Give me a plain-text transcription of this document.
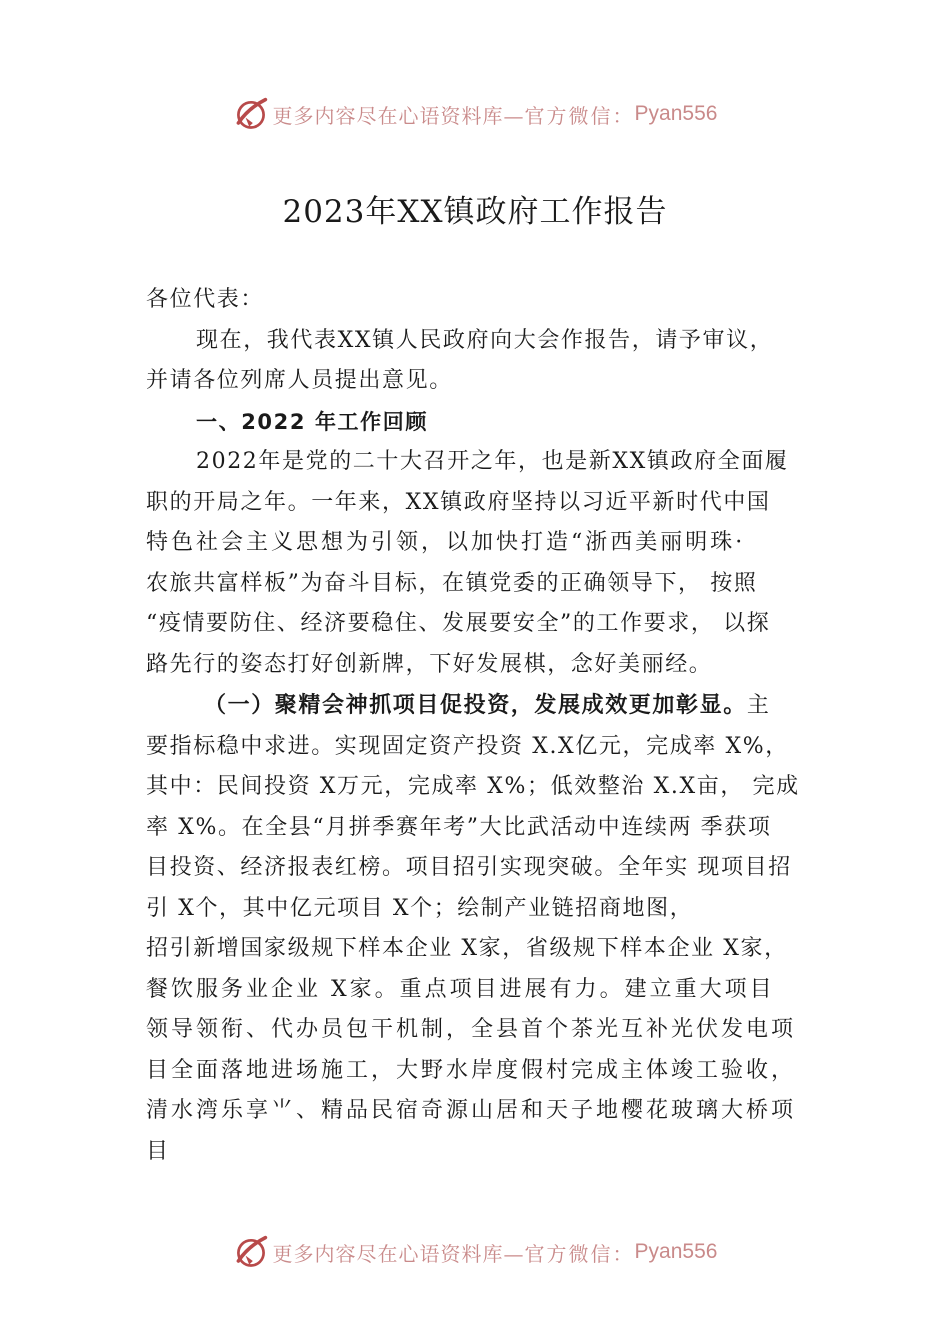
更多内容尽在心语资料库— 官方微信： Pyan556
2023年XX镇政府工作报告
各位代表：
现在，我代表XX镇人民政府向大会作报告，请予审议，
并请各位列席人员提出意见。
一、2022 年工作回顾
2022年是党的二十大召开之年，也是新XX镇政府全面履
职的开局之年。一年来，XX镇政府坚持以习近平新时代中国
特色社会主义思想为引领，以加快打造“浙西美丽明珠·
农旅共富样板”为奋斗目标，在镇党委的正确领导下， 按照
“疫情要防住、经济要稳住、发展要安全”的工作要求， 以探
路先行的姿态打好创新牌，下好发展棋，念好美丽经。
（一）聚精会神抓项目促投资，发展成效更加彰显。主
要指标稳中求进。实现固定资产投资 X.X亿元，完成率 X%，
其中：民间投资 X万元，完成率 X%；低效整治 X.X亩， 完成
率 X%。在全县“月拼季赛年考”大比武活动中连续两 季获项
目投资、经济报表红榜。项目招引实现突破。全年实 现项目招
引 X个，其中亿元项目 X个；绘制产业链招商地图，
招引新增国家级规下样本企业 X家，省级规下样本企业 X家，
餐饮服务业企业 X家。重点项目进展有力。建立重大项目
领导领衔、代办员包干机制，全县首个茶光互补光伏发电项
目全面落地进场施工，大野水岸度假村完成主体竣工验收，
清水湾乐享⺌、精品民宿奇源山居和天子地樱花玻璃大桥项
目
更多内容尽在心语资料库— 官方微信： Pyan556
